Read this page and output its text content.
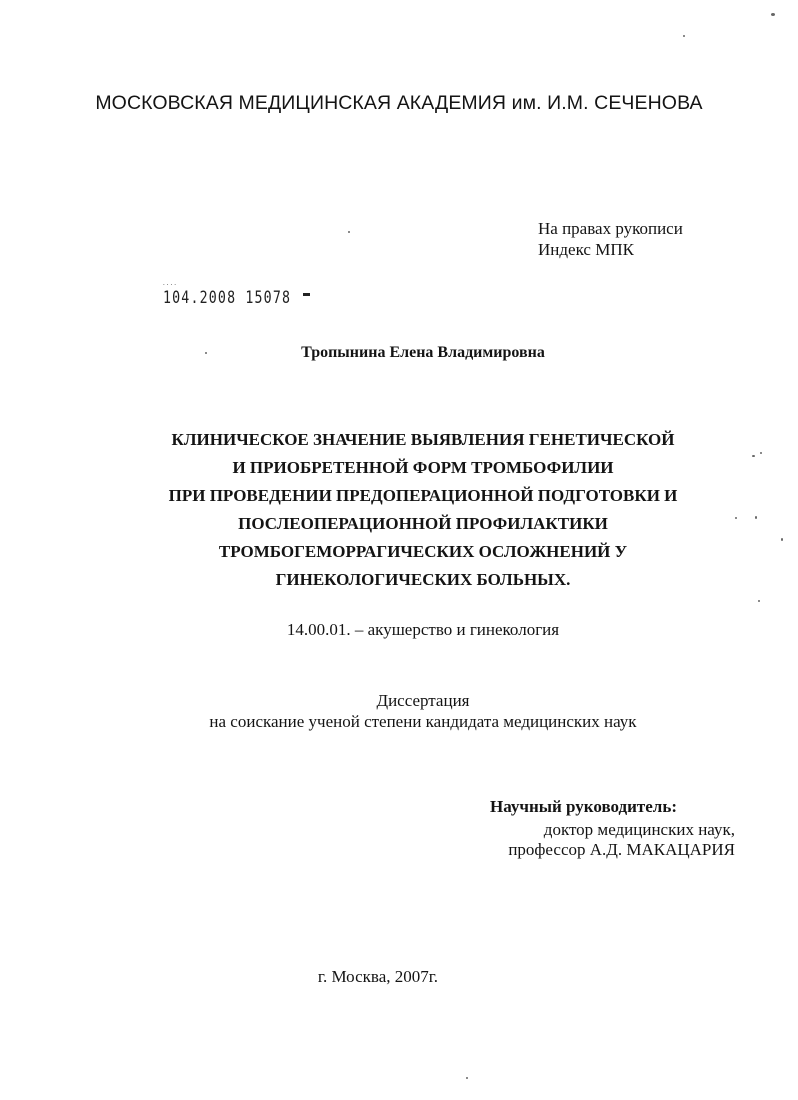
МОСКОВСКАЯ МЕДИЦИНСКАЯ АКАДЕМИЯ им. И.М. СЕЧЕНОВА
На правах рукописи
Индекс МПК
....
104.2008 15078
Тропынина Елена Владимировна
КЛИНИЧЕСКОЕ ЗНАЧЕНИЕ ВЫЯВЛЕНИЯ ГЕНЕТИЧЕСКОЙ
И ПРИОБРЕТЕННОЙ ФОРМ ТРОМБОФИЛИИ
ПРИ ПРОВЕДЕНИИ ПРЕДОПЕРАЦИОННОЙ ПОДГОТОВКИ И
ПОСЛЕОПЕРАЦИОННОЙ ПРОФИЛАКТИКИ
ТРОМБОГЕМОРРАГИЧЕСКИХ ОСЛОЖНЕНИЙ У
ГИНЕКОЛОГИЧЕСКИХ БОЛЬНЫХ.
14.00.01. – акушерство и гинекология
Диссертация
на соискание ученой степени кандидата медицинских наук
Научный руководитель:
доктор медицинских наук,
профессор А.Д. МАКАЦАРИЯ
г. Москва, 2007г.
